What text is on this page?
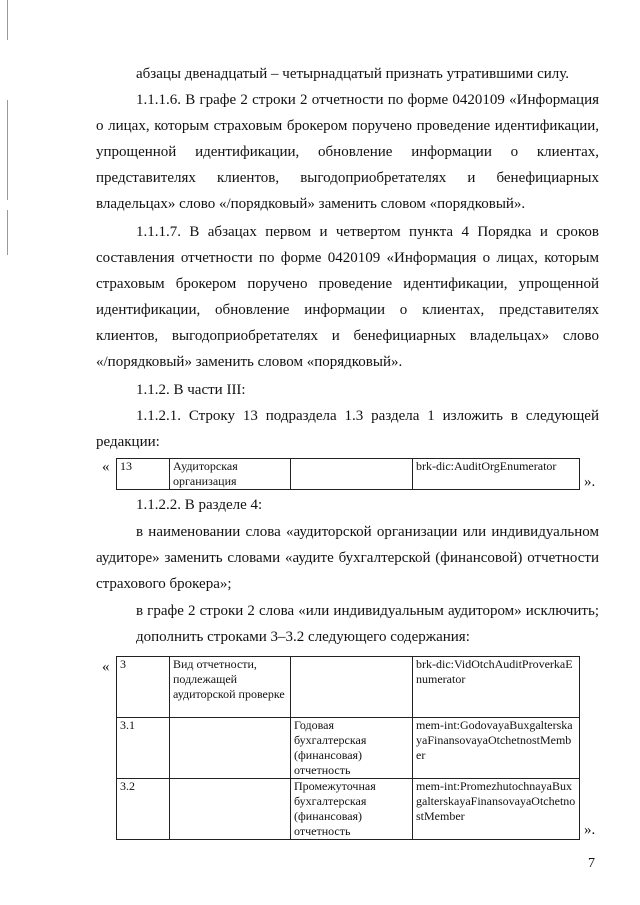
абзацы двенадцатый – четырнадцатый признать утратившими силу.

1.1.1.6. В графе 2 строки 2 отчетности по форме 0420109 «Информация

о лицах, которым страховым брокером поручено проведение идентификации,

упрощенной идентификации, обновление информации о клиентах,

представителях клиентов, выгодоприобретателях и бенефициарных

владельцах» слово «/порядковый» заменить словом «порядковый».

1.1.1.7. В абзацах первом и четвертом пункта 4 Порядка и сроков

составления отчетности по форме 0420109 «Информация о лицах, которым

страховым брокером поручено проведение идентификации, упрощенной

идентификации, обновление информации о клиентах, представителях

клиентов, выгодоприобретателях и бенефициарных владельцах» слово

«/порядковый» заменить словом «порядковый».

1.1.2. В части III:

1.1.2.1. Строку 13 подраздела 1.3 раздела 1 изложить в следующей

редакции:

« 13	Аудиторская организация		brk-dic:AuditOrgEnumerator
».

1.1.2.2. В разделе 4:

в наименовании слова «аудиторской организации или индивидуальном

аудиторе» заменить словами «аудите бухгалтерской (финансовой) отчетности

страхового брокера»;

в графе 2 строки 2 слова «или индивидуальным аудитором» исключить;

дополнить строками 3–3.2 следующего содержания:

« 3	Вид отчетности, подлежащей аудиторской проверке		brk-dic:VidOtchAuditProverkaEnumerator
3.1		Годовая бухгалтерская (финансовая) отчетность	mem-int:GodovayaBuxgalterskayaFinansovayaOtchetnostMember
3.2		Промежуточная бухгалтерская (финансовая) отчетность	mem-int:PromezhutochnayaBuxgalterskayaFinansovayaOtchetnostMember
».
7
